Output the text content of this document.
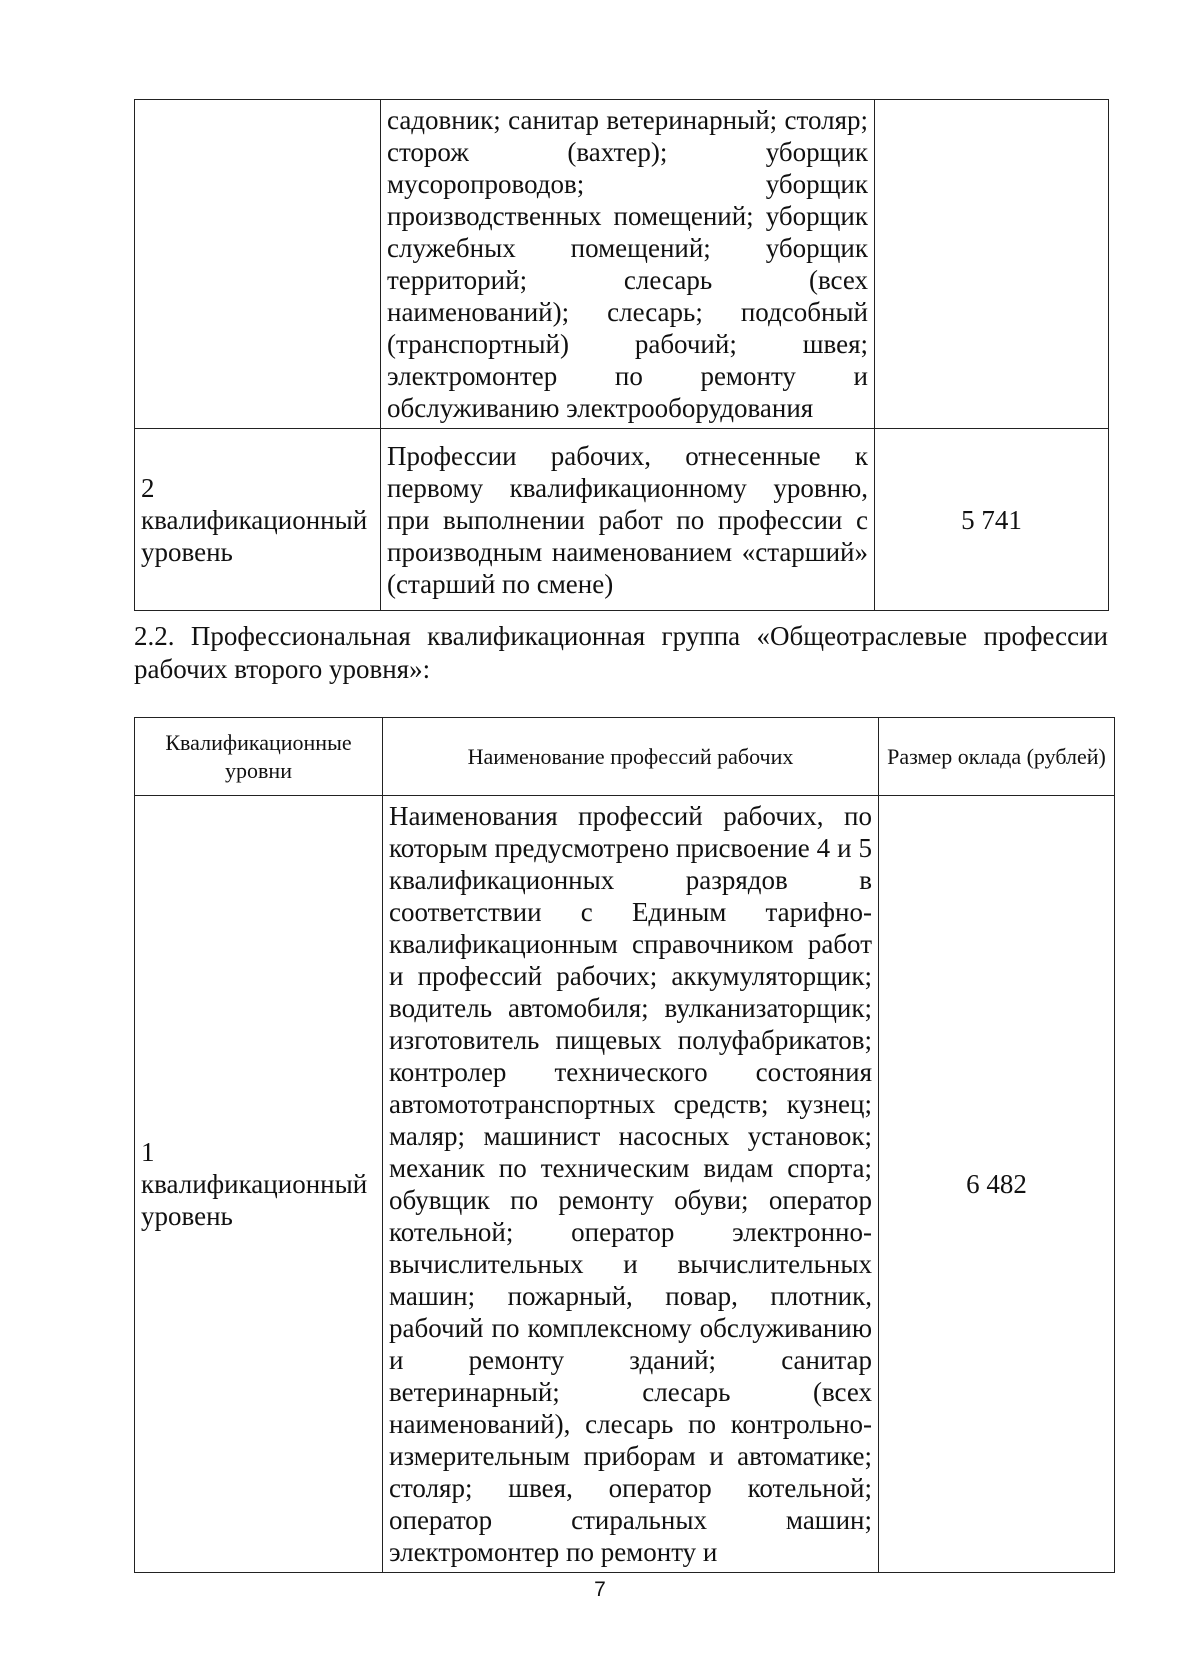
	садовник; санитар ветеринарный; столяр; сторож (вахтер); уборщик мусоропроводов; уборщик производственных помещений; уборщик служебных помещений; уборщик территорий; слесарь (всех наименований); слесарь; подсобный (транспортный) рабочий; швея; электромонтер по ремонту и обслуживанию электрооборудования	
2 квалификационный уровень	Профессии рабочих, отнесенные к первому квалификационному уровню, при выполнении работ по профессии с производным наименованием «старший» (старший по смене)	5 741
2.2. Профессиональная квалификационная группа «Общеотраслевые профессии рабочих второго уровня»:
Квалификационные уровни	Наименование профессий рабочих	Размер оклада (рублей)
1 квалификационный уровень	Наименования профессий рабочих, по которым предусмотрено присвоение 4 и 5 квалификационных разрядов в соответствии с Единым тарифно-квалификационным справочником работ и профессий рабочих; аккумуляторщик; водитель автомобиля; вулканизаторщик; изготовитель пищевых полуфабрикатов; контролер технического состояния автомототранспортных средств; кузнец; маляр; машинист насосных установок; механик по техническим видам спорта; обувщик по ремонту обуви; оператор котельной; оператор электронно-вычислительных и вычислительных машин; пожарный, повар, плотник, рабочий по комплексному обслуживанию и ремонту зданий; санитар ветеринарный; слесарь (всех наименований), слесарь по контрольно-измерительным приборам и автоматике; столяр; швея, оператор котельной; оператор стиральных машин; электромонтер по ремонту и	6 482
7
